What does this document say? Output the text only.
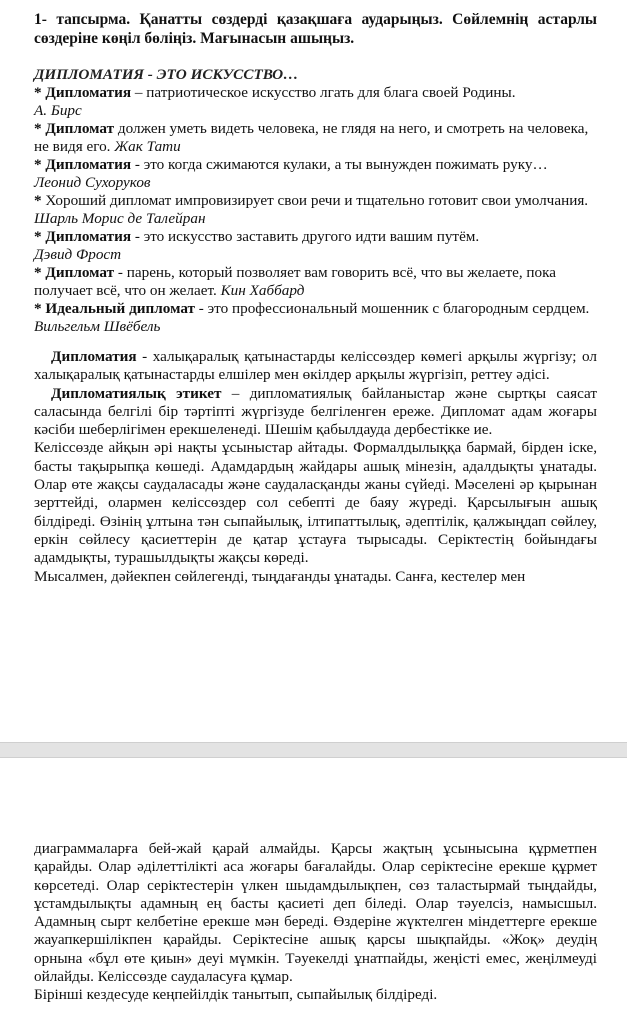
1- тапсырма. Қанатты сөздерді қазақшаға аударыңыз. Сөйлемнің астарлы сөздеріне көңіл бөліңіз. Мағынасын ашыңыз.

ДИПЛОМАТИЯ - ЭТО ИСКУССТВО…

* Дипломатия – патриотическое искусство лгать для блага своей Родины.
А. Бирс

* Дипломат должен уметь видеть человека, не глядя на него, и смотреть на человека, не видя его. Жак Тати

* Дипломатия - это когда сжимаются кулаки, а ты вынужден пожимать руку… Леонид Сухоруков

* Хороший дипломат импровизирует свои речи и тщательно готовит свои умолчания. Шарль Морис де Талейран

* Дипломатия - это искусство заставить другого идти вашим путём.
Дэвид Фрост

* Дипломат - парень, который позволяет вам говорить всё, что вы желаете, пока получает всё, что он желает. Кин Хаббард

* Идеальный дипломат - это профессиональный мошенник с благородным сердцем. Вильгельм Швёбель

Дипломатия - халықаралық қатынастарды келіссөздер көмегі арқылы жүргізу; ол халықаралық қатынастарды елшілер мен өкілдер арқылы жүргізіп, реттеу әдісі.

Дипломатиялық этикет – дипломатиялық байланыстар және сыртқы саясат саласында белгілі бір тәртіпті жүргізуде белгіленген ереже. Дипломат адам жоғары кәсіби шеберлігімен ерекшеленеді. Шешім қабылдауда дербестікке ие.

Келіссөзде айқын әрі нақты ұсыныстар айтады. Формалдылыққа бармай, бірден іске, басты тақырыпқа көшеді. Адамдардың жайдары ашық мінезін, адалдықты ұнатады. Олар өте жақсы саудаласады және саудаласқанды жаны сүйеді. Мәселені әр қырынан зерттейді, олармен келіссөздер сол себепті де баяу жүреді. Қарсылығын ашық білдіреді. Өзінің ұлтына тән сыпайылық, ілтипаттылық, әдептілік, қалжыңдап сөйлеу, еркін сөйлесу қасиеттерін де қатар ұстауға тырысады. Серіктестің бойындағы адамдықты, турашылдықты жақсы көреді.

Мысалмен, дәйекпен сөйлегенді, тыңдағанды ұнатады. Санға, кестелер мен

диаграммаларға бей-жай қарай алмайды. Қарсы жақтың ұсынысына құрметпен қарайды. Олар әділеттілікті аса жоғары бағалайды. Олар серіктесіне ерекше құрмет көрсетеді. Олар серіктестерін үлкен шыдамдылықпен, сөз таластырмай тыңдайды, ұстамдылықты адамның ең басты қасиеті деп біледі. Олар тәуелсіз, намысшыл. Адамның сырт келбетіне ерекше мән береді. Өздеріне жүктелген міндеттерге ерекше жауапкершілікпен қарайды. Серіктесіне ашық қарсы шықпайды. «Жоқ» деудің орнына «бұл өте қиын» деуі мүмкін. Тәуекелді ұнатпайды, жеңісті емес, жеңілмеуді ойлайды. Келіссөзде саудаласуға құмар.

Бірінші кездесуде кеңпейілдік танытып, сыпайылық білдіреді.
